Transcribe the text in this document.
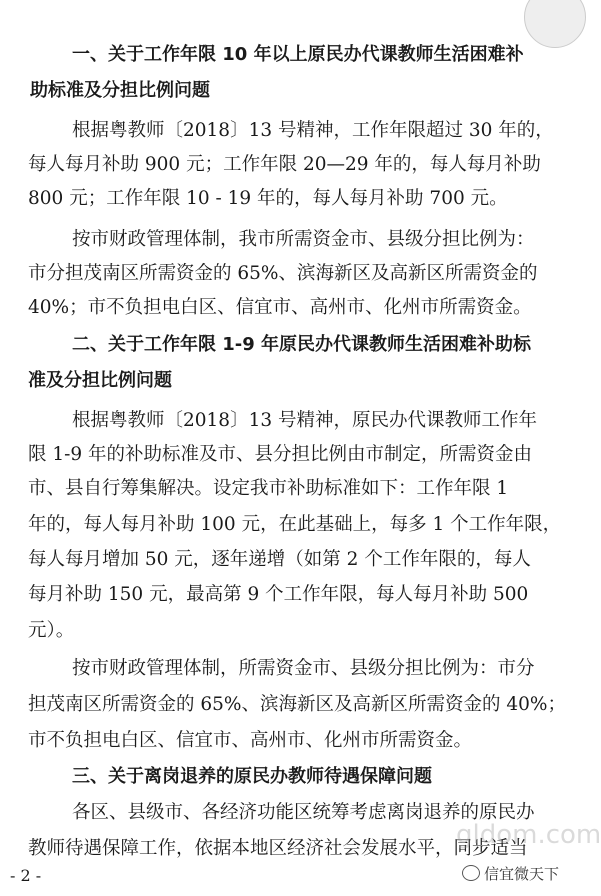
一、关于工作年限 10 年以上原民办代课教师生活困难补
助标准及分担比例问题
根据粤教师〔2018〕13 号精神，工作年限超过 30 年的，
每人每月补助 900 元；工作年限 20—29 年的，每人每月补助
800 元；工作年限 10 - 19 年的，每人每月补助 700 元。
按市财政管理体制，我市所需资金市、县级分担比例为：
市分担茂南区所需资金的 65%、滨海新区及高新区所需资金的
40%；市不负担电白区、信宜市、高州市、化州市所需资金。
二、关于工作年限 1-9 年原民办代课教师生活困难补助标
准及分担比例问题
根据粤教师〔2018〕13 号精神，原民办代课教师工作年
限 1-9 年的补助标准及市、县分担比例由市制定，所需资金由
市、县自行筹集解决。设定我市补助标准如下：工作年限 1
年的，每人每月补助 100 元，在此基础上，每多 1 个工作年限，
每人每月增加 50 元，逐年递增（如第 2 个工作年限的，每人
每月补助 150 元，最高第 9 个工作年限，每人每月补助 500
元）。
按市财政管理体制，所需资金市、县级分担比例为：市分
担茂南区所需资金的 65%、滨海新区及高新区所需资金的 40%；
市不负担电白区、信宜市、高州市、化州市所需资金。
三、关于离岗退养的原民办教师待遇保障问题
各区、县级市、各经济功能区统筹考虑离岗退养的原民办
教师待遇保障工作，依据本地区经济社会发展水平，同步适当
- 2 -
gldom.com
信宜微天下
